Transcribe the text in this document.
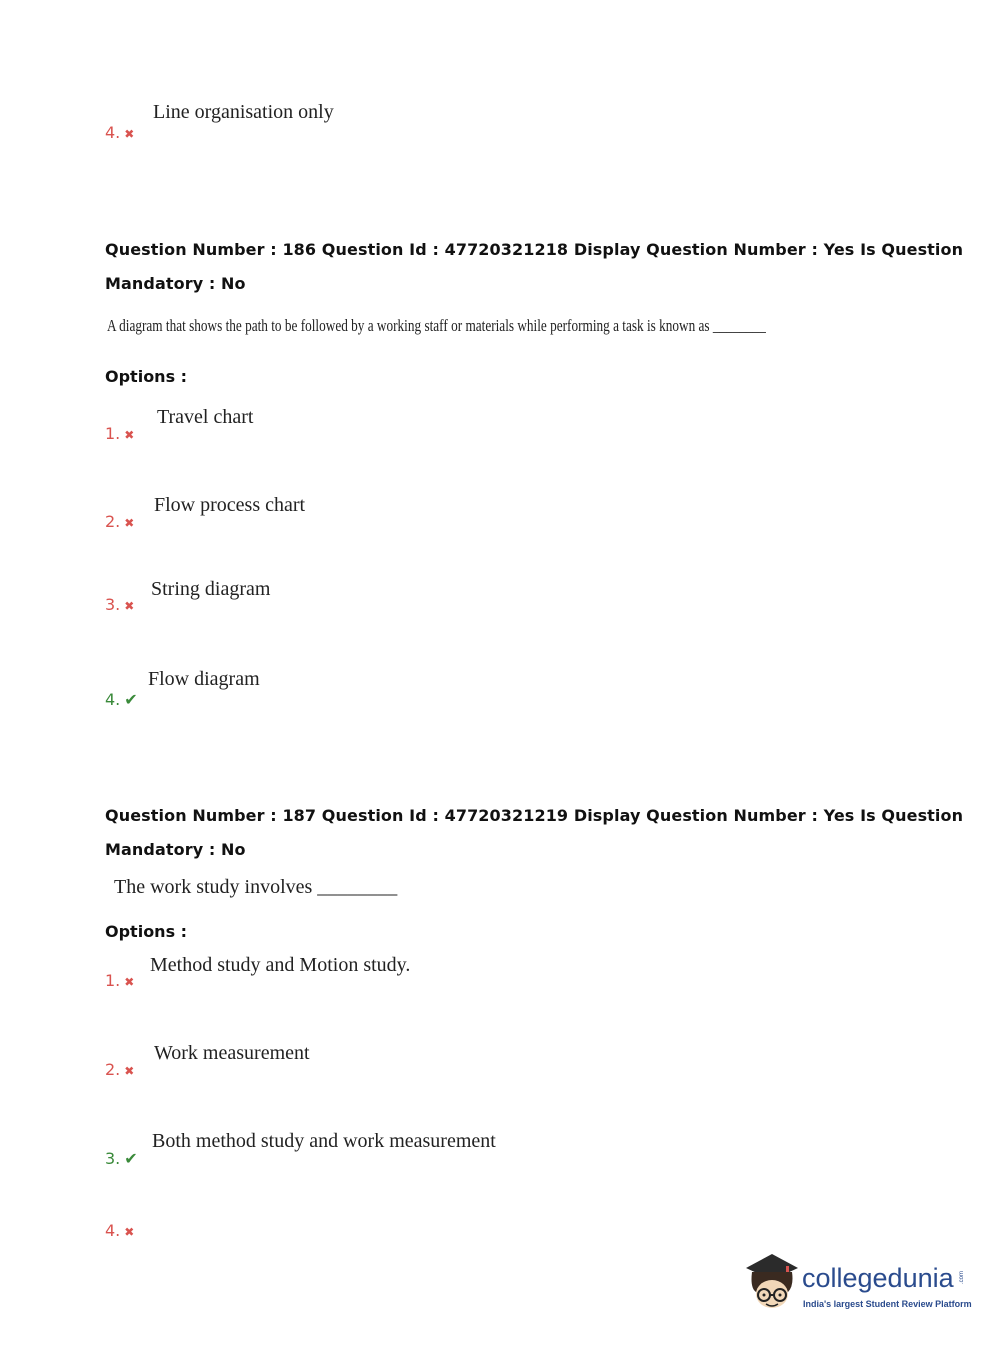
Line organisation only
4. ✖
Question Number : 186 Question Id : 47720321218 Display Question Number : Yes Is Question
Mandatory : No
A diagram that shows the path to be followed by a working staff or materials while performing a task is known as ________
Options :
Travel chart
1. ✖
Flow process chart
2. ✖
String diagram
3. ✖
Flow diagram
4. ✔
Question Number : 187 Question Id : 47720321219 Display Question Number : Yes Is Question
Mandatory : No
The work study involves ________
Options :
Method study and Motion study.
1. ✖
Work measurement
2. ✖
Both method study and work measurement
3. ✔
4. ✖
collegedunia .com
India's largest Student Review Platform
